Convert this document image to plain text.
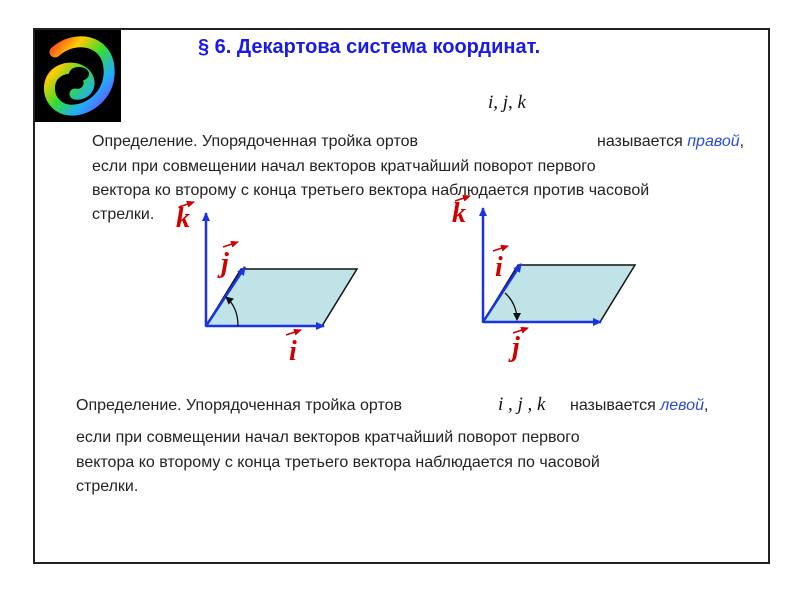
§ 6. Декартова система координат.
i, j, k
Определение. Упорядоченная тройка ортов	называется правой,
если при совмещении начал векторов кратчайший поворот первого
вектора ко второму с конца третьего вектора наблюдается против часовой
стрелки. k
j
i
k
i
j
Определение. Упорядоченная тройка ортов	i , j , k называется левой,
если при совмещении начал векторов кратчайший поворот первого
вектора ко второму с конца третьего вектора наблюдается по часовой
стрелки.
